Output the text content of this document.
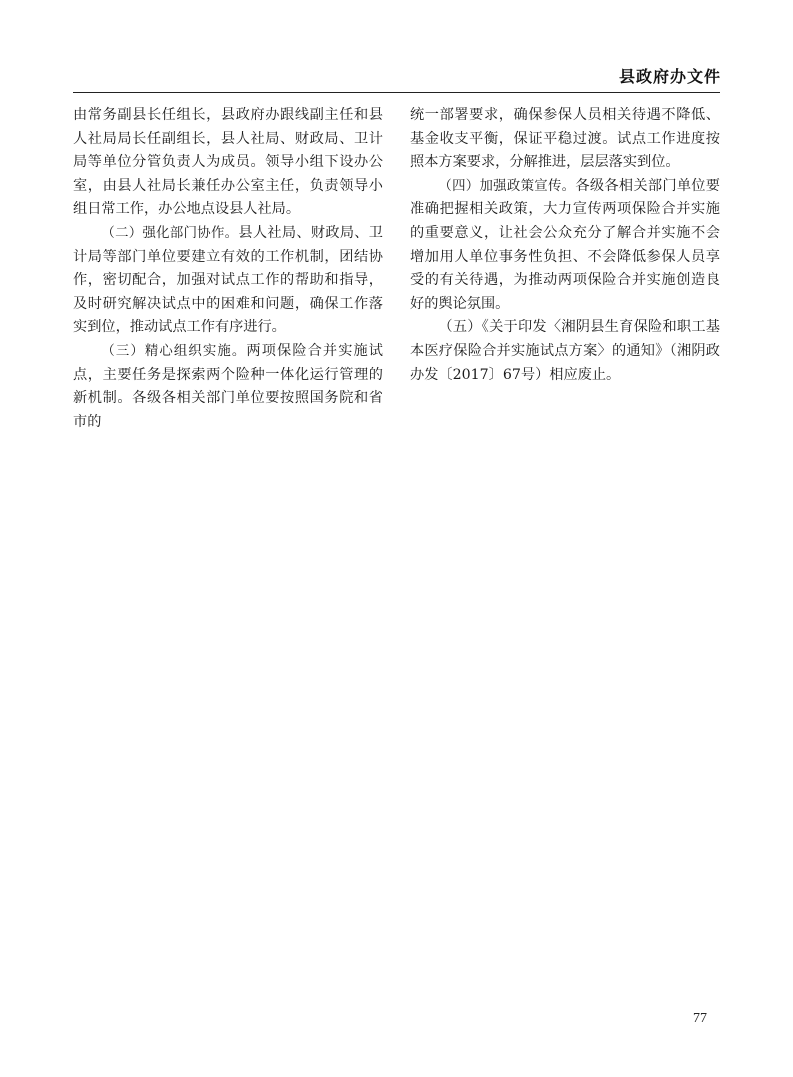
县政府办文件

由常务副县长任组长，县政府办跟线副主任和县人社局局长任副组长，县人社局、财政局、卫计局等单位分管负责人为成员。领导小组下设办公室，由县人社局长兼任办公室主任，负责领导小组日常工作，办公地点设县人社局。

（二）强化部门协作。县人社局、财政局、卫计局等部门单位要建立有效的工作机制，团结协作，密切配合，加强对试点工作的帮助和指导，及时研究解决试点中的困难和问题，确保工作落实到位，推动试点工作有序进行。

（三）精心组织实施。两项保险合并实施试点，主要任务是探索两个险种一体化运行管理的新机制。各级各相关部门单位要按照国务院和省市的

统一部署要求，确保参保人员相关待遇不降低、基金收支平衡，保证平稳过渡。试点工作进度按照本方案要求，分解推进，层层落实到位。

（四）加强政策宣传。各级各相关部门单位要准确把握相关政策，大力宣传两项保险合并实施的重要意义，让社会公众充分了解合并实施不会增加用人单位事务性负担、不会降低参保人员享受的有关待遇，为推动两项保险合并实施创造良好的舆论氛围。

（五）《关于印发〈湘阴县生育保险和职工基本医疗保险合并实施试点方案〉的通知》（湘阴政办发〔2017〕67号）相应废止。

77
